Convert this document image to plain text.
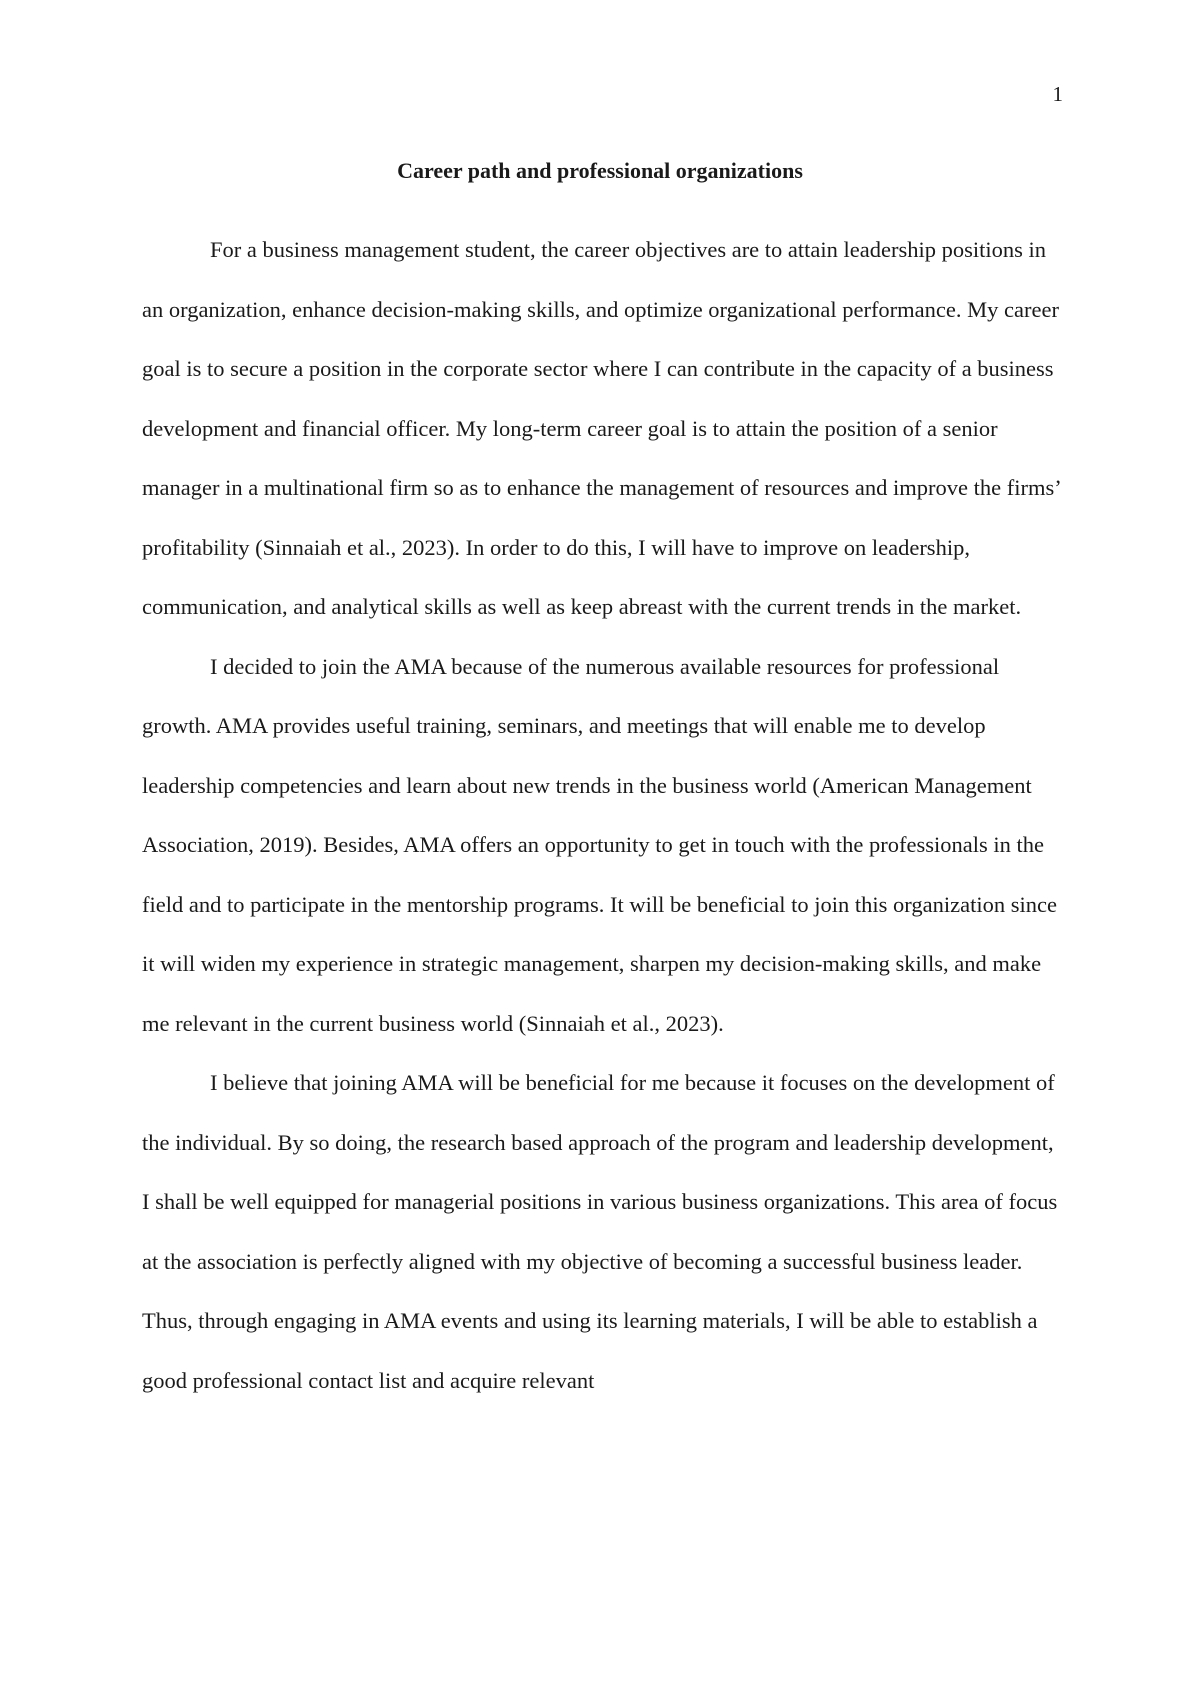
1
Career path and professional organizations

For a business management student, the career objectives are to attain leadership positions in an organization, enhance decision-making skills, and optimize organizational performance. My career goal is to secure a position in the corporate sector where I can contribute in the capacity of a business development and financial officer. My long-term career goal is to attain the position of a senior manager in a multinational firm so as to enhance the management of resources and improve the firms’ profitability (Sinnaiah et al., 2023). In order to do this, I will have to improve on leadership, communication, and analytical skills as well as keep abreast with the current trends in the market.

I decided to join the AMA because of the numerous available resources for professional growth. AMA provides useful training, seminars, and meetings that will enable me to develop leadership competencies and learn about new trends in the business world (American Management Association, 2019). Besides, AMA offers an opportunity to get in touch with the professionals in the field and to participate in the mentorship programs. It will be beneficial to join this organization since it will widen my experience in strategic management, sharpen my decision-making skills, and make me relevant in the current business world (Sinnaiah et al., 2023).

I believe that joining AMA will be beneficial for me because it focuses on the development of the individual. By so doing, the research based approach of the program and leadership development, I shall be well equipped for managerial positions in various business organizations. This area of focus at the association is perfectly aligned with my objective of becoming a successful business leader. Thus, through engaging in AMA events and using its learning materials, I will be able to establish a good professional contact list and acquire relevant
